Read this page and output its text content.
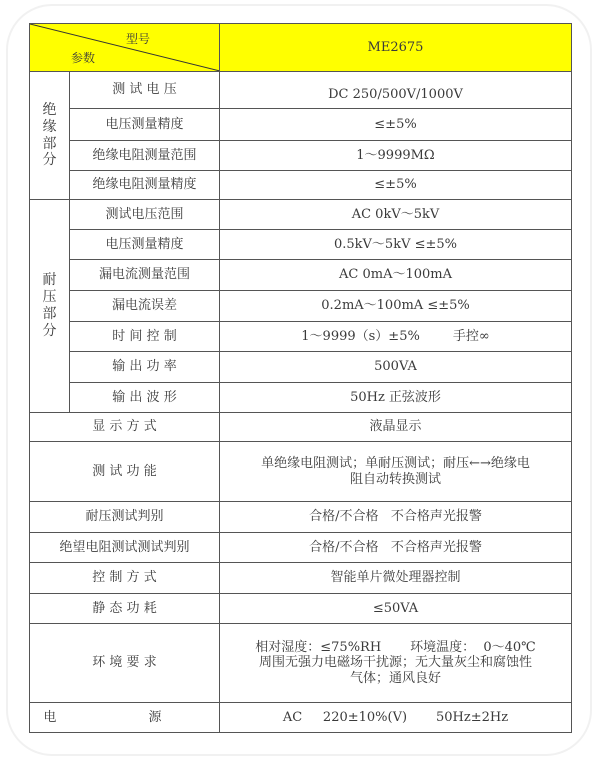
型号
参数		ME2675

绝
缘
部
分	测 试 电 压	DC 250/500V/1000V
	电压测量精度	≤±5%
	绝缘电阻测量范围	1～9999MΩ
	绝缘电阻测量精度	≤±5%

耐
压
部
分	测试电压范围	AC 0kV～5kV
	电压测量精度	0.5kV～5kV ≤±5%
	漏电流测量范围	AC 0mA～100mA
	漏电流误差	0.2mA～100mA ≤±5%
	时 间 控 制	1～9999（s）±5%        手控∞
	输 出 功 率	500VA
	输 出 波 形	50Hz 正弦波形
显 示 方 式		液晶显示
测 试 功 能		单绝缘电阻测试；单耐压测试；耐压←→绝缘电
阻自动转换测试

耐压测试判别		合格/不合格   不合格声光报警
绝望电阻测试测试判别		合格/不合格   不合格声光报警
控 制 方 式		智能单片微处理器控制
静 态 功 耗		≤50VA
环 境 要 求		相对湿度：≤75%RH       环境温度：  0～40℃
周围无强力电磁场干扰源；无大量灰尘和腐蚀性
气体；通风良好

电 源		AC     220±10%(V)       50Hz±2Hz
